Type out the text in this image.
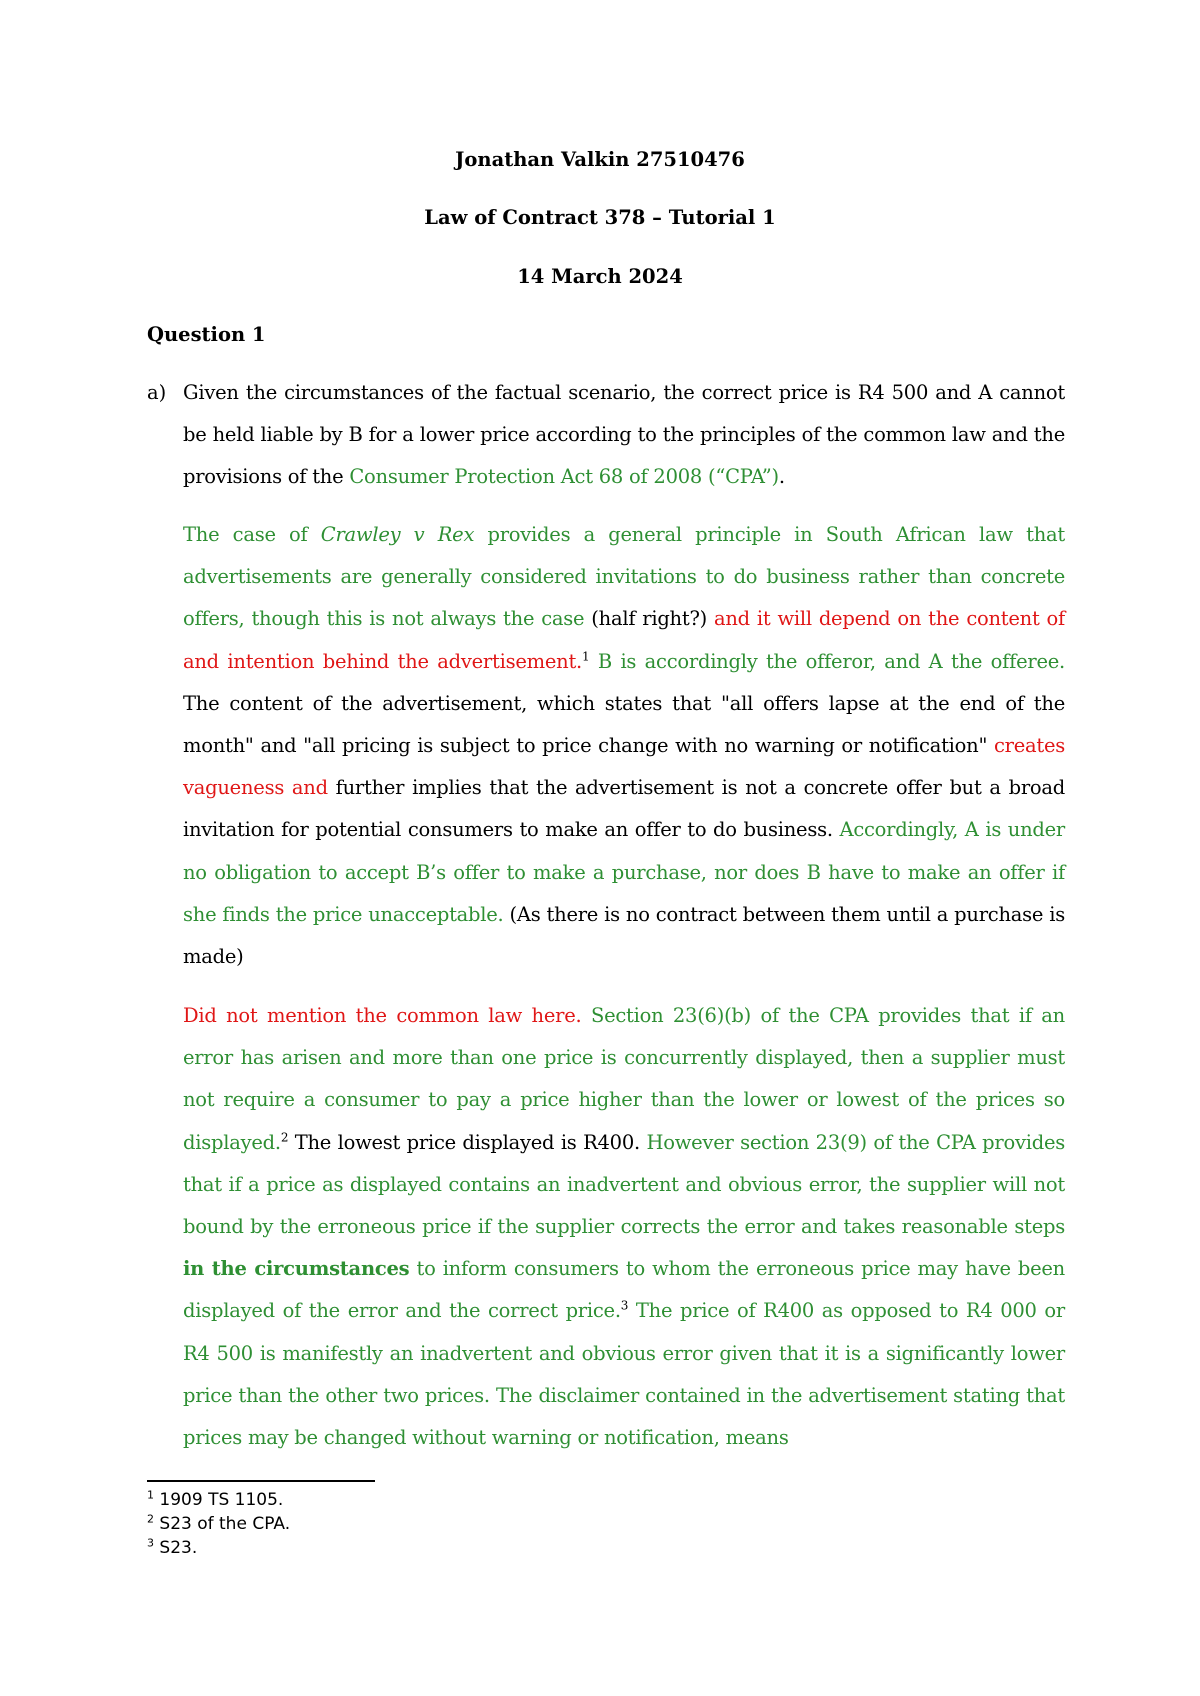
Jonathan Valkin 27510476

Law of Contract 378 – Tutorial 1

14 March 2024

Question 1

a) Given the circumstances of the factual scenario, the correct price is R4 500 and A cannot be held liable by B for a lower price according to the principles of the common law and the provisions of the Consumer Protection Act 68 of 2008 (“CPA”).

The case of Crawley v Rex provides a general principle in South African law that advertisements are generally considered invitations to do business rather than concrete offers, though this is not always the case (half right?) and it will depend on the content of and intention behind the advertisement.$^1$ B is accordingly the offeror, and A the offeree. The content of the advertisement, which states that "all offers lapse at the end of the month" and "all pricing is subject to price change with no warning or notification" creates vagueness and further implies that the advertisement is not a concrete offer but a broad invitation for potential consumers to make an offer to do business. Accordingly, A is under no obligation to accept B’s offer to make a purchase, nor does B have to make an offer if she finds the price unacceptable. (As there is no contract between them until a purchase is made)

Did not mention the common law here. Section 23(6)(b) of the CPA provides that if an error has arisen and more than one price is concurrently displayed, then a supplier must not require a consumer to pay a price higher than the lower or lowest of the prices so displayed.$^2$ The lowest price displayed is R400. However section 23(9) of the CPA provides that if a price as displayed contains an inadvertent and obvious error, the supplier will not bound by the erroneous price if the supplier corrects the error and takes reasonable steps in the circumstances to inform consumers to whom the erroneous price may have been displayed of the error and the correct price.$^3$ The price of R400 as opposed to R4 000 or R4 500 is manifestly an inadvertent and obvious error given that it is a significantly lower price than the other two prices. The disclaimer contained in the advertisement stating that prices may be changed without warning or notification, means

$^1$ 1909 TS 1105.

$^2$ S23 of the CPA.

$^3$ S23.
